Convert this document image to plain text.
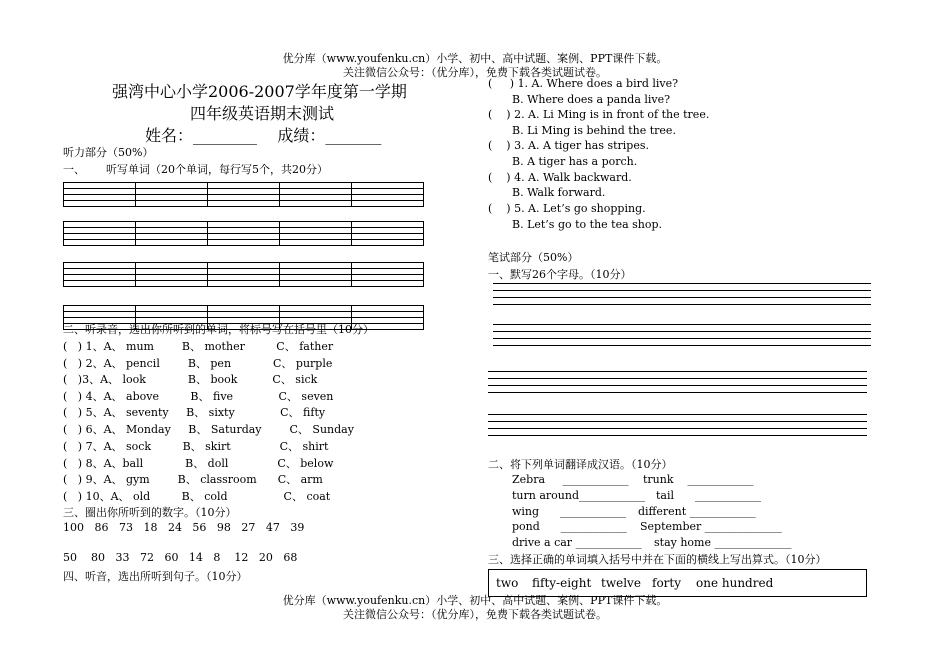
优分库（www.youfenku.cn）小学、初中、高中试题、案例、PPT课件下载。
关注微信公众号：（优分库），免费下载各类试题试卷。
强湾中心小学2006-2007学年度第一学期
四年级英语期末测试
姓名：________    成绩：_______
听力部分（50%）
一、      听写单词（20个单词，每行写5个，共20分）

二、听录音，选出你所听到的单词，将标号写在括号里（10分）
(   ) 1、A、 mum        B、 mother         C、 father
(   ) 2、A、 pencil        B、 pen            C、 purple
(   )3、A、 look            B、 book          C、 sick
(   ) 4、A、 above         B、 five             C、 seven
(   ) 5、A、 seventy     B、 sixty             C、 fifty
(   ) 6、A、 Monday     B、 Saturday        C、 Sunday
(   ) 7、A、 sock         B、 skirt              C、 shirt
(   ) 8、A、ball            B、 doll              C、 below
(   ) 9、A、 gym        B、 classroom      C、 arm
(   ) 10、A、 old         B、 cold                C、 coat
三、圈出你所听到的数字。（10分）
100   86   73   18   24   56   98   27   47   39
50    80   33   72   60   14   8    12   20   68
四、听音，选出所听到句子。（10分）
(     ) 1. A. Where does a bird live?
B. Where does a panda live?
(    ) 2. A. Li Ming is in front of the tree.
B. Li Ming is behind the tree.
(    ) 3. A. A tiger has stripes.
B. A tiger has a porch.
(    ) 4. A. Walk backward.
B. Walk forward.
(    ) 5. A. Let’s go shopping.
B. Let’s go to the tea shop.
笔试部分（50%）
一、默写26个字母。（10分）
二、将下列单词翻译成汉语。（10分）
Zebra     ____________ trunk    ____________
turn around____________ tail      ____________
wing      ____________ different ____________
pond      ____________ September ______________
drive a car ____________ stay home ______________
三、选择正确的单词填入括号中并在下面的横线上写出算式。（10分）
two fifty-eight twelve forty one hundred
优分库（www.youfenku.cn）小学、初中、高中试题、案例、PPT课件下载。
关注微信公众号：（优分库），免费下载各类试题试卷。
